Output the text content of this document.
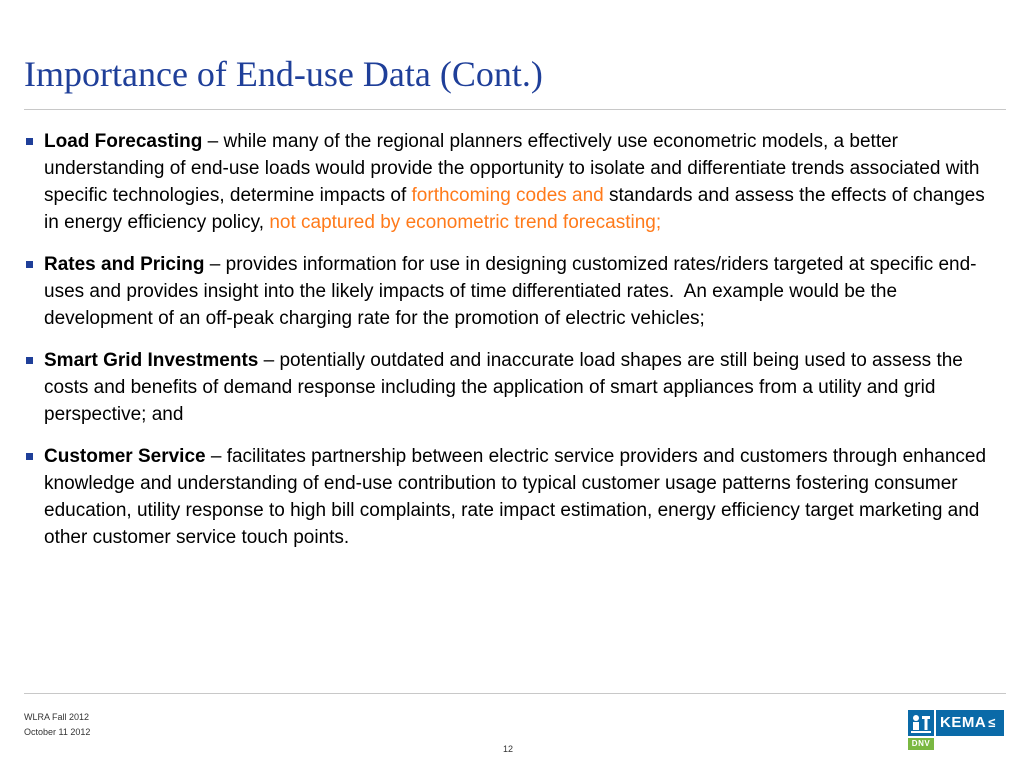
Importance of End-use Data (Cont.)
Load Forecasting – while many of the regional planners effectively use econometric models, a better understanding of end-use loads would provide the opportunity to isolate and differentiate trends associated with specific technologies, determine impacts of forthcoming codes and standards and assess the effects of changes in energy efficiency policy, not captured by econometric trend forecasting;
Rates and Pricing – provides information for use in designing customized rates/riders targeted at specific end-uses and provides insight into the likely impacts of time differentiated rates.  An example would be the development of an off-peak charging rate for the promotion of electric vehicles;
Smart Grid Investments – potentially outdated and inaccurate load shapes are still being used to assess the costs and benefits of demand response including the application of smart appliances from a utility and grid perspective; and
Customer Service – facilitates partnership between electric service providers and customers through enhanced knowledge and understanding of end-use contribution to typical customer usage patterns fostering consumer education, utility response to high bill complaints, rate impact estimation, energy efficiency target marketing and other customer service touch points.
WLRA Fall 2012
October 11 2012
12
KEMA ≤
DNV
